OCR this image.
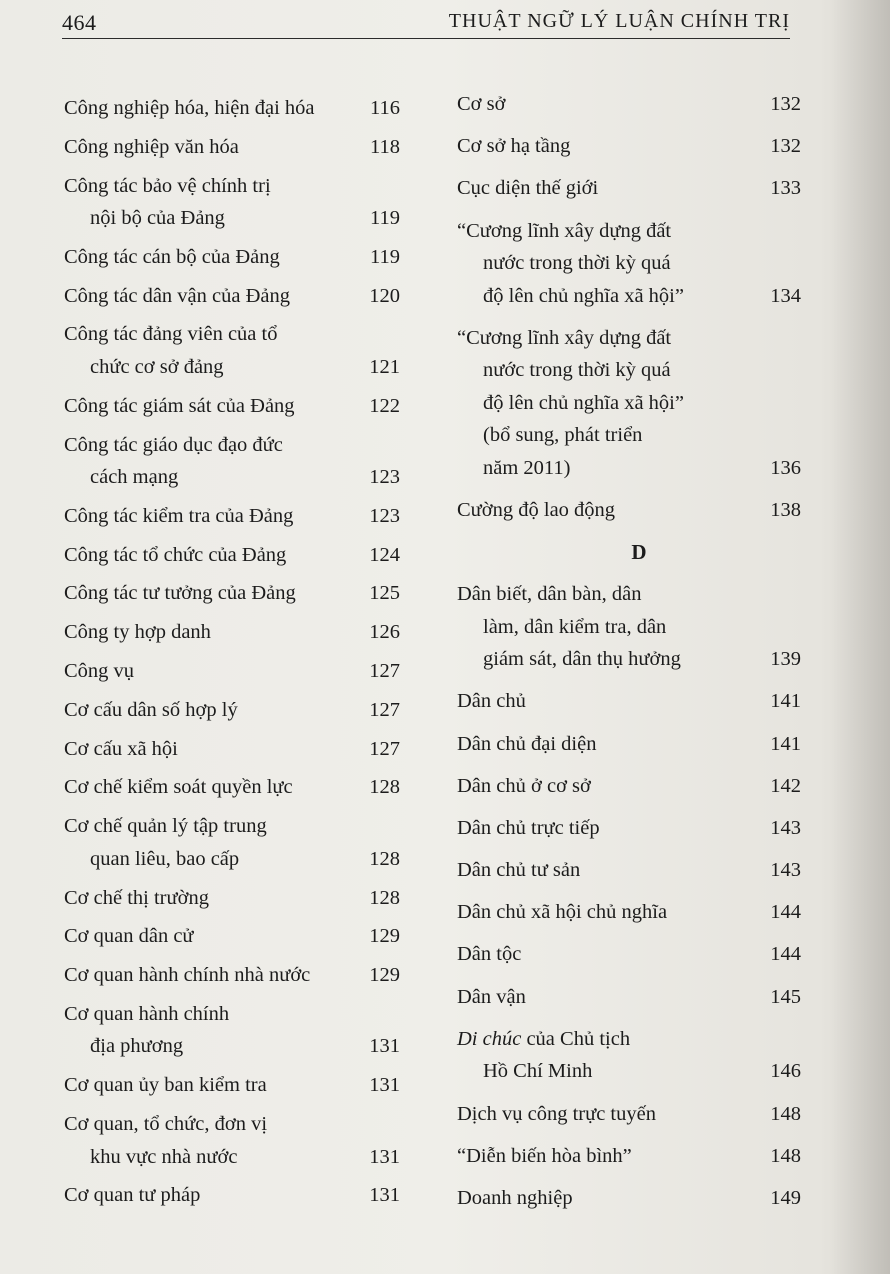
464	THUẬT NGỮ LÝ LUẬN CHÍNH TRỊ
Công nghiệp hóa, hiện đại hóa	116
Công nghiệp văn hóa	118
Công tác bảo vệ chính trị
nội bộ của Đảng	119
Công tác cán bộ của Đảng	119
Công tác dân vận của Đảng	120
Công tác đảng viên của tổ
chức cơ sở đảng	121
Công tác giám sát của Đảng	122
Công tác giáo dục đạo đức
cách mạng	123
Công tác kiểm tra của Đảng	123
Công tác tổ chức của Đảng	124
Công tác tư tưởng của Đảng	125
Công ty hợp danh	126
Công vụ	127
Cơ cấu dân số hợp lý	127
Cơ cấu xã hội	127
Cơ chế kiểm soát quyền lực	128
Cơ chế quản lý tập trung
quan liêu, bao cấp	128
Cơ chế thị trường	128
Cơ quan dân cử	129
Cơ quan hành chính nhà nước	129
Cơ quan hành chính
địa phương	131
Cơ quan ủy ban kiểm tra	131
Cơ quan, tổ chức, đơn vị
khu vực nhà nước	131
Cơ quan tư pháp	131
Cơ sở	132
Cơ sở hạ tầng	132
Cục diện thế giới	133
“Cương lĩnh xây dựng đất
nước trong thời kỳ quá
độ lên chủ nghĩa xã hội”	134
“Cương lĩnh xây dựng đất
nước trong thời kỳ quá
độ lên chủ nghĩa xã hội”
(bổ sung, phát triển
năm 2011)	136
Cường độ lao động	138
D
Dân biết, dân bàn, dân
làm, dân kiểm tra, dân
giám sát, dân thụ hưởng	139
Dân chủ	141
Dân chủ đại diện	141
Dân chủ ở cơ sở	142
Dân chủ trực tiếp	143
Dân chủ tư sản	143
Dân chủ xã hội chủ nghĩa	144
Dân tộc	144
Dân vận	145
Di chúc của Chủ tịch
Hồ Chí Minh	146
Dịch vụ công trực tuyến	148
“Diễn biến hòa bình”	148
Doanh nghiệp	149
